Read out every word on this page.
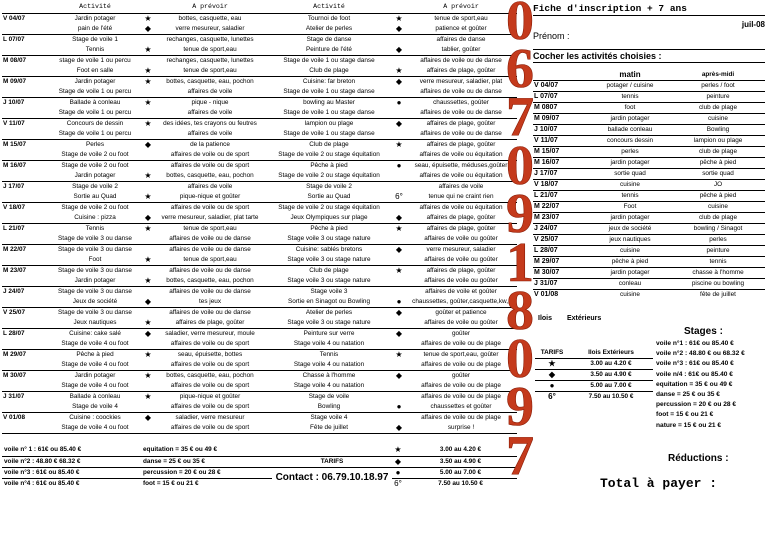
	Activité		A prévoir	Activité		A prévoir
V 04/07	Jardin potager	★	bottes, casquette, eau	Tournoi de foot	★	tenue de sport,eau
	pain de l'été	◆	verre mesureur, saladier	Atelier de perles	◆	patience et goûter
L 07/07	Stage de voile 1		rechanges, casquette, lunettes	Stage de danse		affaires de danse
	Tennis	★	tenue de sport,eau	Peinture de l'été	◆	tablier, goûter
M 08/07	stage de voile 1 ou percu		rechanges, casquette, lunettes	Stage de voile 1 ou stage danse		affaires de voile ou de danse
	Foot en salle	★	tenue de sport,eau	Club de plage	★	affaires de plage, goûter
M 09/07	Jardin potager	★	bottes, casquette, eau, pochon	Cuisine: far breton	◆	verre mesureur, saladier, plat
	Stage de voile 1 ou percu		affaires de voile	Stage de voile 1 ou stage danse		affaires de voile ou de danse
J 10/07	Ballade à conleau	★	pique - nique	bowling au Master	●	chaussettes, goûter
	Stage de voile 1 ou percu		affaires de voile	Stage de voile 1 ou stage danse		affaires de voile ou de danse
V 11/07	Concours de dessin	★	des idées, tes crayons ou feutres	lampion ou plage	◆	affaires de plage, goûter
	Stage de voile 1 ou percu		affaires de voile	Stage de voile 1 ou stage danse		affaires de voile ou de danse
M 15/07	Perles	◆	de la patience	Club de plage	★	affaires de plage, goûter
	Stage de voile 2 ou foot		affaires de voile ou de sport	Stage de voile 2 ou stage équitation		affaires de voile ou équitation
M 16/07	Stage de voile 2 ou foot		affaires de voile ou de sport	Pêche à pied	●	seau, épuisette, méduses,goûter
	Jardin potager	★	bottes, casquette, eau, pochon	Stage de voile 2 ou stage équitation		affaires de voile ou équitation
J 17/07	Stage de voile 2		affaires de voile	Stage de voile 2		affaires de voile
	Sortie au Quad	★	pique-nique et goûter	Sortie au Quad	6°	tenue qui ne craint rien
V 18/07	Stage de voile 2 ou foot		affaires de voile ou de sport	Stage de voile 2 ou stage équitation		affaires de voile ou équitation
	Cuisine : pizza	◆	verre mesureur, saladier, plat tarte	Jeux Olympiques sur plage	◆	affaires de plage, goûter
L 21/07	Tennis	★	tenue de sport,eau	Pêche à pied	★	affaires de plage, goûter
	Stage de voile 3 ou danse		affaires de voile ou de danse	Stage voile 3 ou stage nature		affaires de voile ou goûter
M 22/07	Stage de voile 3 ou danse		affaires de voile ou de danse	Cuisine: sablés bretons	◆	verre mesureur, saladier
	Foot	★	tenue de sport,eau	Stage voile 3 ou stage nature		affaires de voile ou goûter
M 23/07	Stage de voile 3 ou danse		affaires de voile ou de danse	Club de plage	★	affaires de plage, goûter
	Jardin potager	★	bottes, casquette, eau, pochon	Stage voile 3 ou stage nature		affaires de voile ou goûter
J 24/07	Stage de voile 3 ou danse		affaires de voile ou de danse	Stage voile 3		affaires de voile et goûter
	Jeux de société	◆	tes jeux	Sortie en Sinagot ou Bowling	●	chaussettes, goûter,casquette,kw,,
V 25/07	Stage de voile 3 ou danse		affaires de voile ou de danse	Atelier de perles	◆	goûter et patience
	Jeux nautiques	★	affaires de plage, goûter	Stage voile 3 ou stage nature		affaires de voile ou goûter
L 28/07	Cuisine: cake salé	◆	saladier, verre mesureur, moule	Peinture sur verre	◆	goûter
	Stage de voile 4 ou foot		affaires de voile ou de sport	Stage voile 4 ou natation		affaires de voile ou de plage
M 29/07	Pêche à pied	★	seau, épuisette, bottes	Tennis	★	tenue de sport,eau, goûter
	Stage de voile 4 ou foot		affaires de voile ou de sport	Stage voile 4 ou natation		affaires de voile ou de plage
M 30/07	Jardin potager	★	bottes, casquette, eau, pochon	Chasse à l'homme	◆	goûter
	Stage de voile 4 ou foot		affaires de voile ou de sport	Stage voile 4 ou natation		affaires de voile ou de plage
J 31/07	Ballade à conleau	★	pique-nique et goûter	Stage de voile		affaires de voile ou de plage
	Stage de voile 4		affaires de voile ou de sport	Bowling	●	chaussettes et goûter
V 01/08	Cuisine : coockies	◆	saladier, verre mesureur	Stage voile 4		affaires de voile ou de plage
	Stage de voile 4 ou foot		affaires de voile ou de sport	Fête de juillet	◆	surprise !
voile n° 1 : 61€ ou 85.40 €	equitation = 35 € ou 49 €		★	3.00 au 4.20 €
voile n°2 : 48.80 € 68.32 €	danse = 25 € ou 35 €	TARIFS	◆	3.50 au 4.90 €
voile n°3 : 61€ ou 85.40 €	percussion = 20 € ou 28 €	Contact : 06.79.10.18.97	●	5.00 au 7.00 €
voile n°4 : 61€ ou 85.40 €	foot = 15 € ou 21 €		6°	7.50 au 10.50 €
0
6
7
0
9
1
8
0
9
7
Fiche d'inscription + 7 ans
juil-08
Prénom :
Cocher les activités choisies :
	matin	après-midi
V 04/07	potager / cuisine	perles / foot
L 07/07	tennis	peinture
M 0807	foot	club de plage
M 09/07	jardin potager	cuisine
J 10/07	ballade conleau	Bowling
V 11/07	concours dessin	lampion ou plage
M 15/07	perles	club de plage
M 16/07	jardin potager	pêche à pied
J 17/07	sortie quad	sortie quad
V 18/07	cuisine	JO
L 21/07	tennis	pêche à pied
M 22/07	Foot	cuisine
M 23/07	jardin potager	club de plage
J 24/07	jeux de société	bowling / Sinagot
V 25/07	jeux nautiques	perles
L 28/07	cuisine	peinture
M 29/07	pêche à pied	tennis
M 30/07	jardin potager	chasse à l'homme
J 31/07	conleau	piscine ou bowling
V 01/08	cuisine	fête de juillet
Ilois Extérieurs
Stages :
TARIFS	Ilois Extérieurs
★	3.00 au 4.20 €
◆	3.50 au 4.90 €
●	5.00 au 7.00 €
6°	7.50 au 10.50 €
voile n°1 : 61€ ou 85.40 €
voile n°2 : 48.80 € ou 68.32 €
voile n°3 : 61€ ou 85.40 €
voile n/4 : 61€ ou 85.40 €
equitation = 35 € ou 49 €
danse = 25 € ou 35 €
percussion = 20 € ou 28 €
foot = 15 € ou 21 €
nature = 15 € ou 21 €
Réductions :
Total à payer :
